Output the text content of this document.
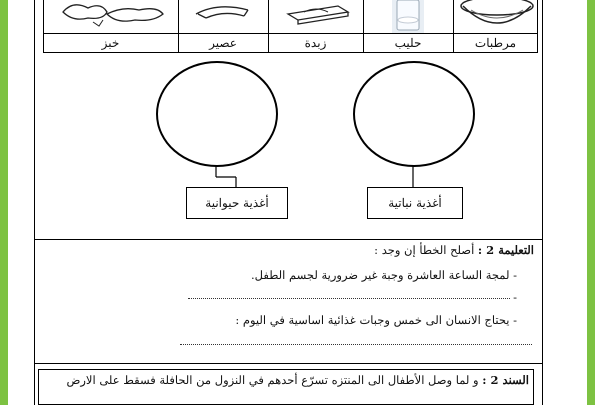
مرطبات
حليب
زبدة
عصير
خبز
أغذية حيوانية	أغذية نباتية
التعليمة 2 : أصلح الخطأ إن وجد :
- لمجة الساعة العاشرة وجبة غير ضرورية لجسم الطفل.
-
- يحتاج الانسان الى خمس وجبات غذائية اساسية في اليوم :
السند 2 : و لما وصل الأطفال الى المنتزه تسرّع أحدهم في النزول من الحافلة فسقط على الارض
